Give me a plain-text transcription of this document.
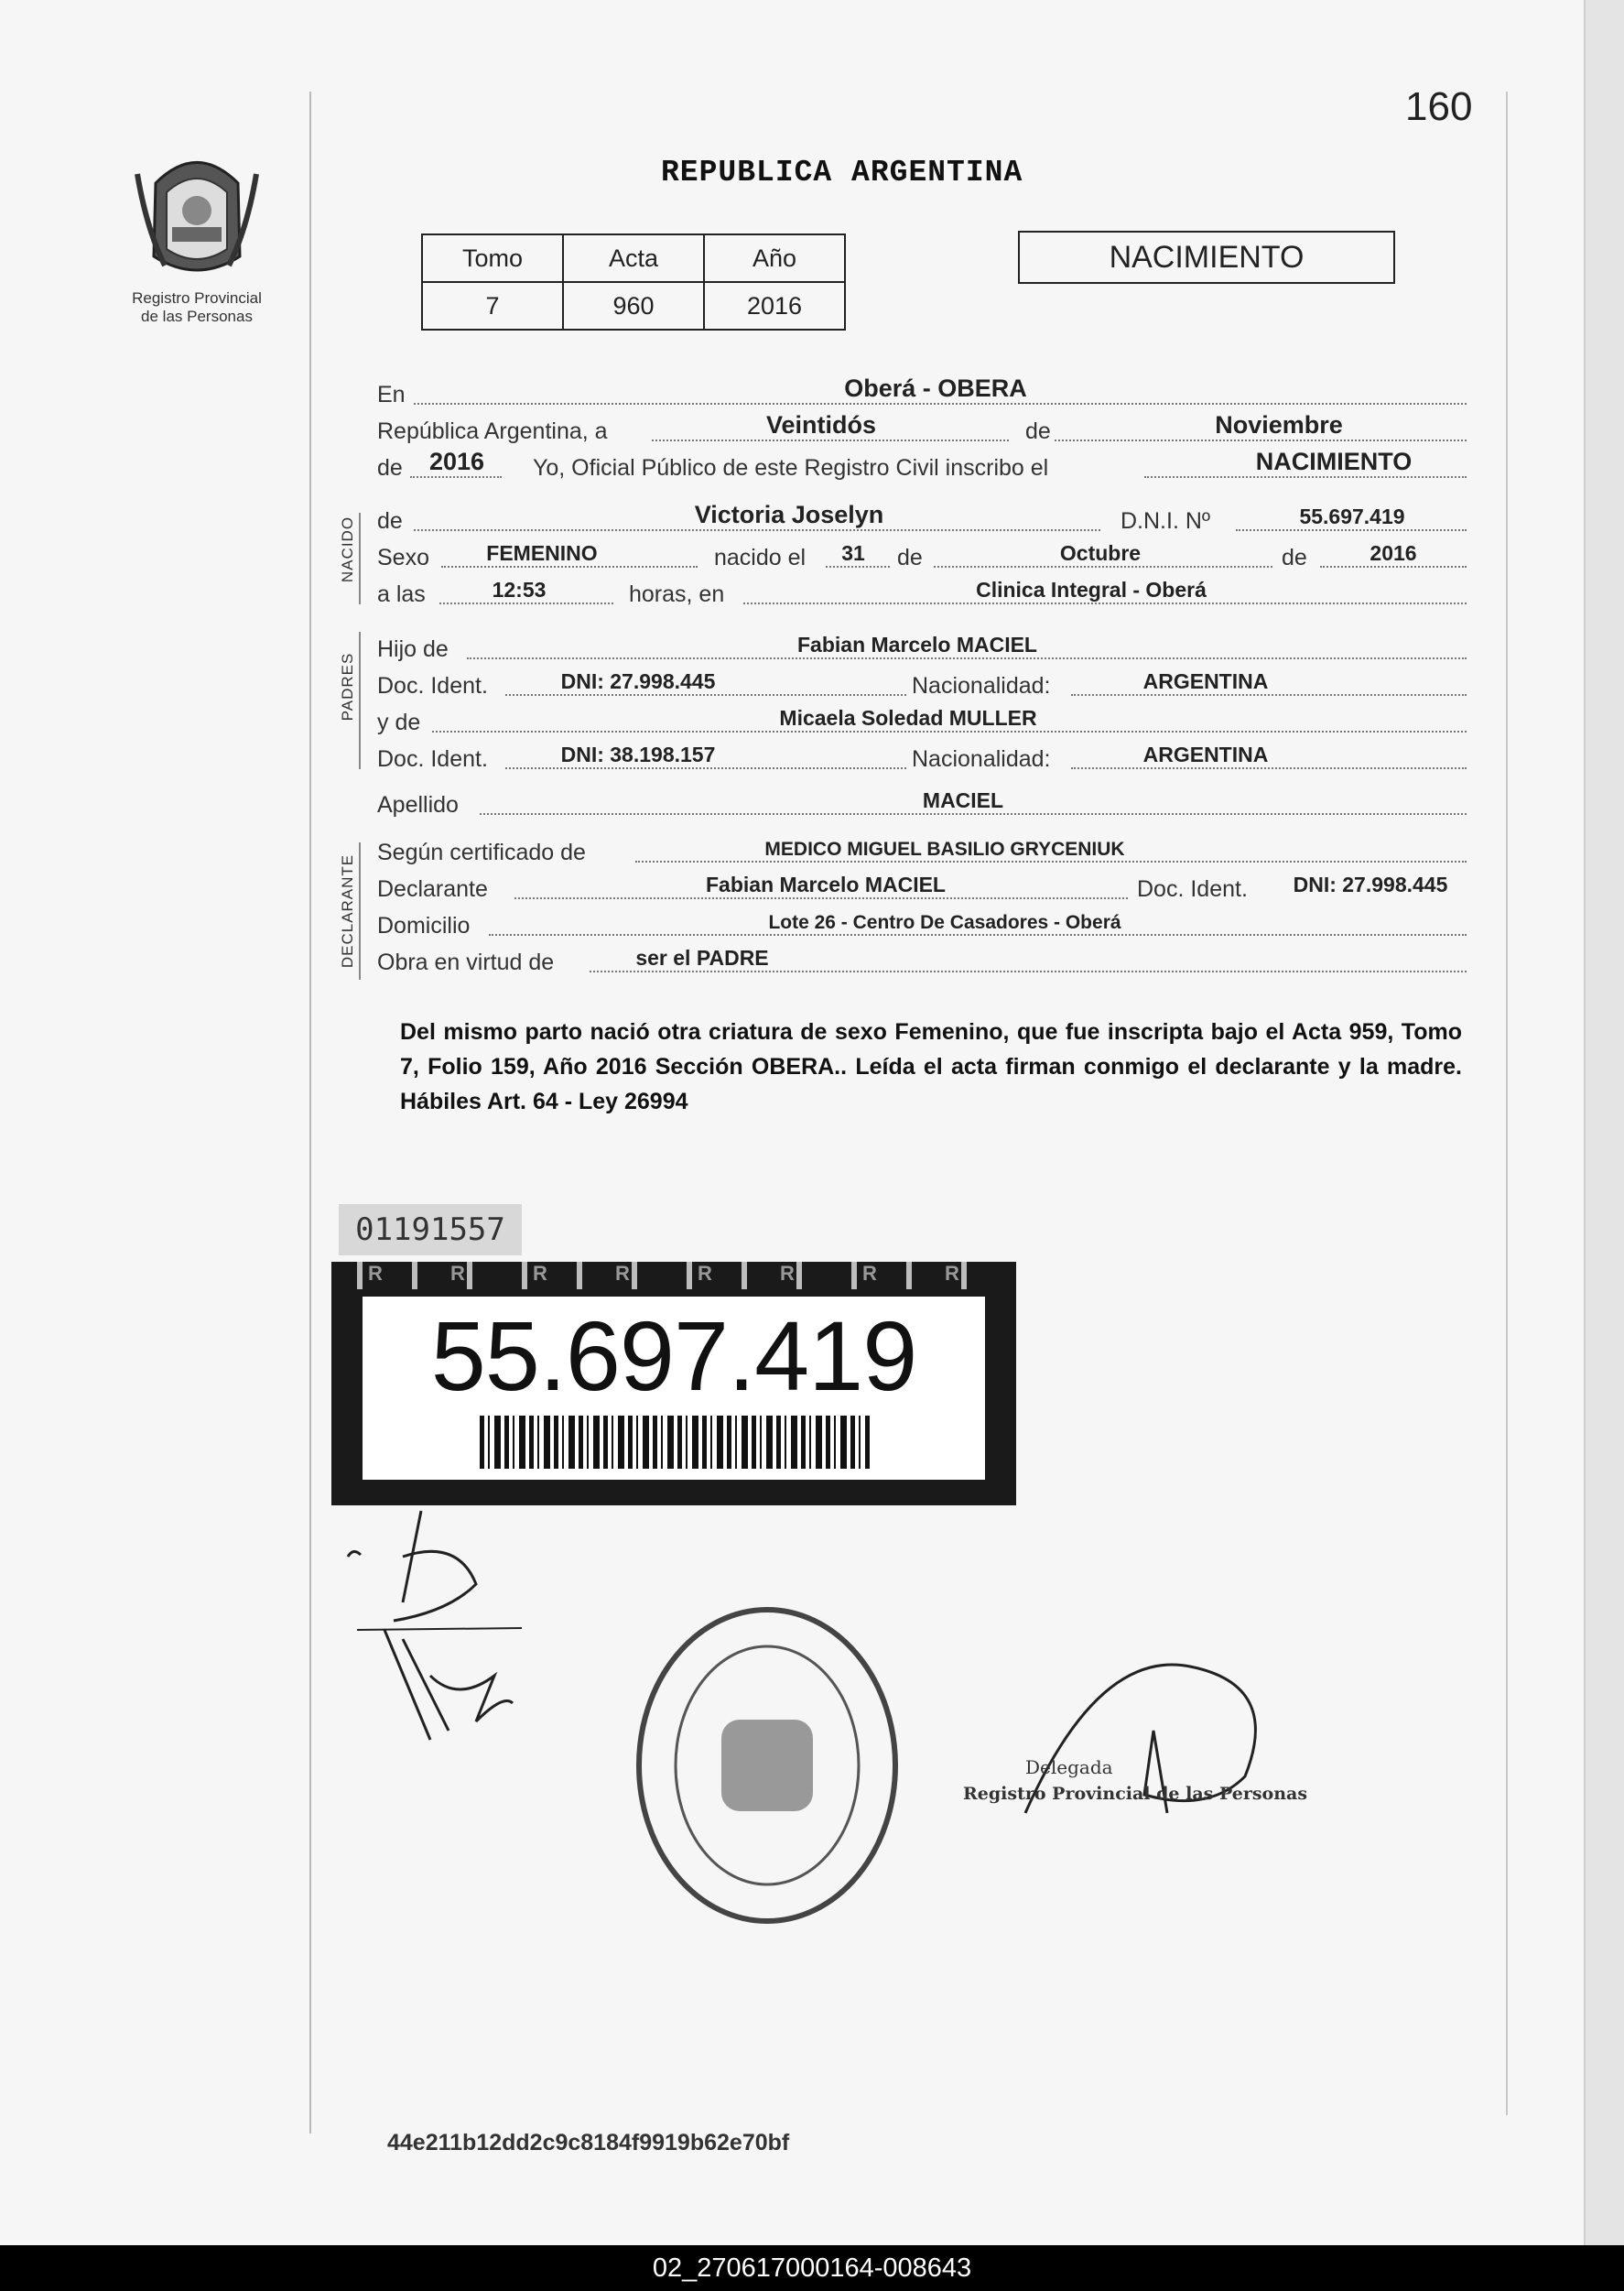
160
Registro Provincial
de las Personas
REPUBLICA ARGENTINA
Tomo	Acta	Año
7	960	2016
NACIMIENTO
NACIDO
PADRES
DECLARANTE
En	Oberá - OBERA
República Argentina, a	Veintidós	de	Noviembre
de	2016	Yo, Oficial Público de este Registro Civil inscribo el	NACIMIENTO
de	Victoria Joselyn	D.N.I. Nº	55.697.419
Sexo	FEMENINO	nacido el	31	de	Octubre	de	2016
a las	12:53	horas, en	Clinica Integral - Oberá
Hijo de	Fabian Marcelo MACIEL
Doc. Ident.	DNI: 27.998.445	Nacionalidad:	ARGENTINA
y de	Micaela Soledad MULLER
Doc. Ident.	DNI: 38.198.157	Nacionalidad:	ARGENTINA
Apellido	MACIEL
Según certificado de	MEDICO MIGUEL BASILIO GRYCENIUK
Declarante	Fabian Marcelo MACIEL	Doc. Ident.	DNI: 27.998.445
Domicilio	Lote 26 - Centro De Casadores - Oberá
Obra en virtud de	ser el PADRE
Del mismo parto nació otra criatura de sexo Femenino, que fue inscripta bajo el Acta 959, Tomo 7, Folio 159, Año 2016 Sección OBERA.. Leída el acta firman conmigo el declarante y la madre. Hábiles Art. 64 - Ley 26994
01191557
R	R	R	R	R	R	R	R
55.697.419
Delegada
Registro Provincial de las Personas
44e211b12dd2c9c8184f9919b62e70bf
02_270617000164-008643
